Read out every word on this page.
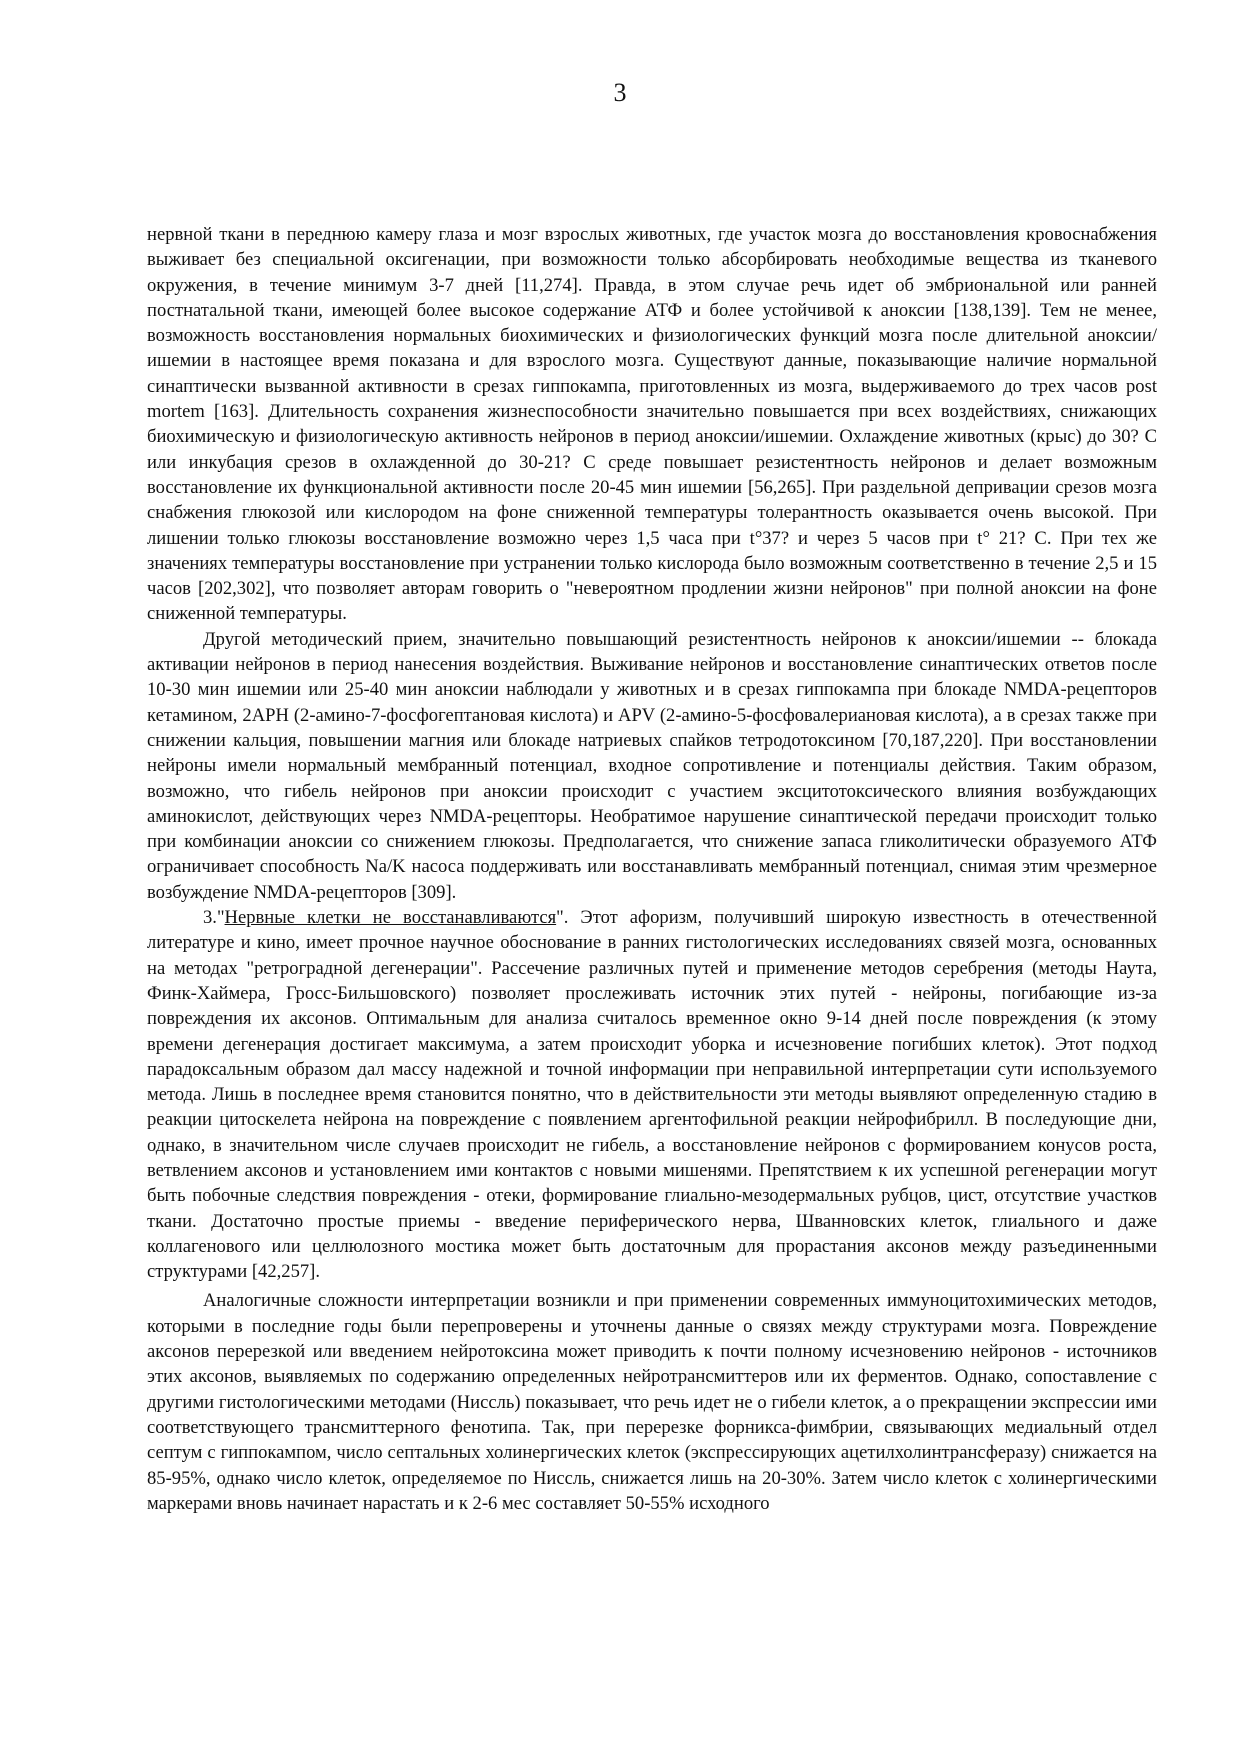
3

нервной ткани в переднюю камеру глаза и мозг взрослых животных, где участок мозга до восстановления кровоснабжения выживает без специальной оксигенации, при возможности только абсорбировать необходимые вещества из тканевого окружения, в течение минимум 3-7 дней [11,274]. Правда, в этом случае речь идет об эмбриональной или ранней постнатальной ткани, имеющей более высокое содержание АТФ и более устойчивой к аноксии [138,139]. Тем не менее, возможность восстановления нормальных биохимических и физиологических функций мозга после длительной аноксии/ишемии в настоящее время показана и для взрослого мозга. Существуют данные, показывающие наличие нормальной синаптически вызванной активности в срезах гиппокампа, приготовленных из мозга, выдерживаемого до трех часов post mortem [163]. Длительность сохранения жизнеспособности значительно повышается при всех воздействиях, снижающих биохимическую и физиологическую активность нейронов в период аноксии/ишемии. Охлаждение животных (крыс) до 30? С или инкубация срезов в охлажденной до 30-21? С среде повышает резистентность нейронов и делает возможным восстановление их функциональной активности после 20-45 мин ишемии [56,265]. При раздельной депривации срезов мозга снабжения глюкозой или кислородом на фоне сниженной температуры толерантность оказывается очень высокой. При лишении только глюкозы восстановление возможно через 1,5 часа при t°37? и через 5 часов при t° 21? С. При тех же значениях температуры восстановление при устранении только кислорода было возможным соответственно в течение 2,5 и 15 часов [202,302], что позволяет авторам говорить о "невероятном продлении жизни нейронов" при полной аноксии на фоне сниженной температуры.

Другой методический прием, значительно повышающий резистентность нейронов к аноксии/ишемии -- блокада активации нейронов в период нанесения воздействия. Выживание нейронов и восстановление синаптических ответов после 10-30 мин ишемии или 25-40 мин аноксии наблюдали у животных и в срезах гиппокампа при блокаде NMDA-рецепторов кетамином, 2APH (2-амино-7-фосфогептановая кислота) и APV (2-амино-5-фосфовалериановая кислота), а в срезах также при снижении кальция, повышении магния или блокаде натриевых спайков тетродотоксином [70,187,220]. При восстановлении нейроны имели нормальный мембранный потенциал, входное сопротивление и потенциалы действия. Таким образом, возможно, что гибель нейронов при аноксии происходит с участием эксцитотоксического влияния возбуждающих аминокислот, действующих через NMDA-рецепторы. Необратимое нарушение синаптической передачи происходит только при комбинации аноксии со снижением глюкозы. Предполагается, что снижение запаса гликолитически образуемого АТФ ограничивает способность Na/K насоса поддерживать или восстанавливать мембранный потенциал, снимая этим чрезмерное возбуждение NMDA-рецепторов [309].

3."Нервные клетки не восстанавливаются". Этот афоризм, получивший широкую известность в отечественной литературе и кино, имеет прочное научное обоснование в ранних гистологических исследованиях связей мозга, основанных на методах "ретроградной дегенерации". Рассечение различных путей и применение методов серебрения (методы Наута, Финк-Хаймера, Гросс-Бильшовского) позволяет прослеживать источник этих путей - нейроны, погибающие из-за повреждения их аксонов. Оптимальным для анализа считалось временное окно 9-14 дней после повреждения (к этому времени дегенерация достигает максимума, а затем происходит уборка и исчезновение погибших клеток). Этот подход парадоксальным образом дал массу надежной и точной информации при неправильной интерпретации сути используемого метода. Лишь в последнее время становится понятно, что в действительности эти методы выявляют определенную стадию в реакции цитоскелета нейрона на повреждение с появлением аргентофильной реакции нейрофибрилл. В последующие дни, однако, в значительном числе случаев происходит не гибель, а восстановление нейронов с формированием конусов роста, ветвлением аксонов и установлением ими контактов с новыми мишенями. Препятствием к их успешной регенерации могут быть побочные следствия повреждения - отеки, формирование глиально-мезодермальных рубцов, цист, отсутствие участков ткани. Достаточно простые приемы - введение периферического нерва, Шванновских клеток, глиального и даже коллагенового или целлюлозного мостика может быть достаточным для прорастания аксонов между разъединенными структурами [42,257].

Аналогичные сложности интерпретации возникли и при применении современных иммуноцитохимических методов, которыми в последние годы были перепроверены и уточнены данные о связях между структурами мозга. Повреждение аксонов перерезкой или введением нейротоксина может приводить к почти полному исчезновению нейронов - источников этих аксонов, выявляемых по содержанию определенных нейротрансмиттеров или их ферментов. Однако, сопоставление с другими гистологическими методами (Ниссль) показывает, что речь идет не о гибели клеток, а о прекращении экспрессии ими соответствующего трансмиттерного фенотипа. Так, при перерезке форникса-фимбрии, связывающих медиальный отдел септум с гиппокампом, число септальных холинергических клеток (экспрессирующих ацетилхолинтрансферазу) снижается на 85-95%, однако число клеток, определяемое по Ниссль, снижается лишь на 20-30%. Затем число клеток с холинергическими маркерами вновь начинает нарастать и к 2-6 мес составляет 50-55% исходного
